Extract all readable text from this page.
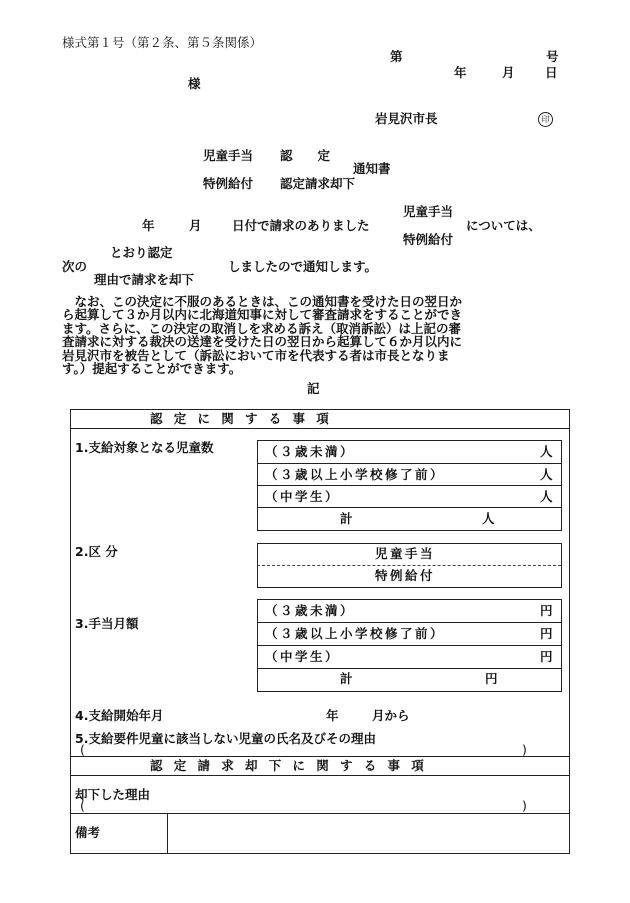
様式第１号（第２条、第５条関係）
第	号
年	月 日
様
岩見沢市長	印
児童手当 認　　定
通知書
特例給付 認定請求却下
児童手当
年	月 日付で請求のありました	については、
特例給付
とおり認定
次の	しましたので通知します。
理由で請求を却下
　なお、この決定に不服のあるときは、この通知書を受けた日の翌日か
ら起算して３か月以内に北海道知事に対して審査請求をすることができ
ます。さらに、この決定の取消しを求める訴え（取消訴訟）は上記の審
査請求に対する裁決の送達を受けた日の翌日から起算して６か月以内に
岩見沢市を被告として（訴訟において市を代表する者は市長となりま
す。）提起することができます。
記
認定に関する事項
1.支給対象となる児童数	（３歳未満）	人
（３歳以上小学校修了前）	人
（中学生）	人
計	人
2.区 分	児童手当
特例給付
3.手当月額
（３歳未満）	円
（３歳以上小学校修了前）	円
（中学生）	円
計	円
4.支給開始年月	年	月から
5.支給要件児童に該当しない児童の氏名及びその理由
(	)
認定請求却下に関する事項
却下した理由
(	)
備考
